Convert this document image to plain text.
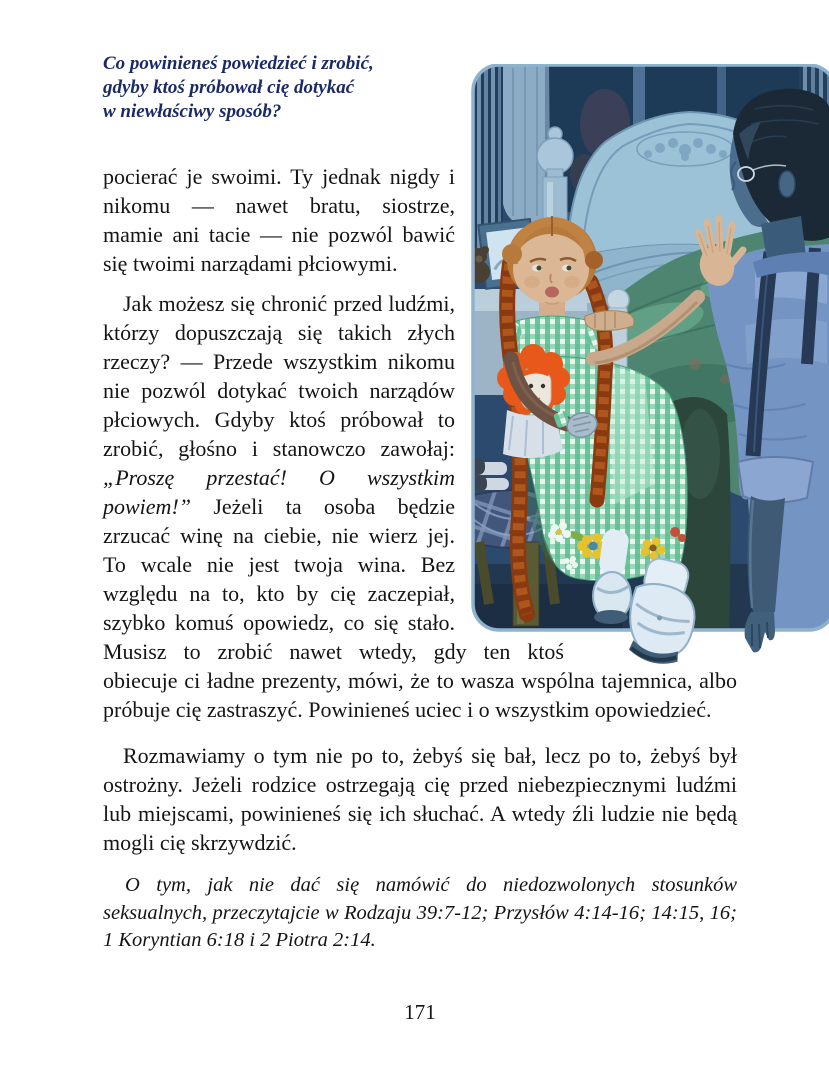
Co powinieneś powiedzieć i zrobić,
gdyby ktoś próbował cię dotykać
w niewłaściwy sposób?

pocierać je swoimi. Ty jednak nigdy i nikomu — nawet bratu, siostrze, mamie ani tacie — nie pozwól bawić się twoimi narządami płciowymi.

Jak możesz się chronić przed ludźmi, którzy dopuszczają się takich złych rzeczy? — Przede wszystkim nikomu nie pozwól dotykać twoich narządów płciowych. Gdyby ktoś próbował to zrobić, głośno i stanowczo zawołaj: „Proszę przestać! O wszystkim powiem!” Jeżeli ta osoba będzie zrzucać winę na ciebie, nie wierz jej. To wcale nie jest twoja wina. Bez względu na to, kto by cię zaczepiał, szybko komuś opowiedz, co się stało. Musisz to zrobić nawet wtedy, gdy ten ktoś obiecuje ci ładne prezenty, mówi, że to wasza wspólna tajemnica, albo próbuje cię zastraszyć. Powinieneś uciec i o wszystkim opowiedzieć.

Rozmawiamy o tym nie po to, żebyś się bał, lecz po to, żebyś był ostrożny. Jeżeli rodzice ostrzegają cię przed niebezpiecznymi ludźmi lub miejscami, powinieneś się ich słuchać. A wtedy źli ludzie nie będą mogli cię skrzywdzić.

O tym, jak nie dać się namówić do niedozwolonych stosunków seksualnych, przeczytajcie w Rodzaju 39:7-12; Przysłów 4:14-16; 14:15, 16; 1 Koryntian 6:18 i 2 Piotra 2:14.

171
